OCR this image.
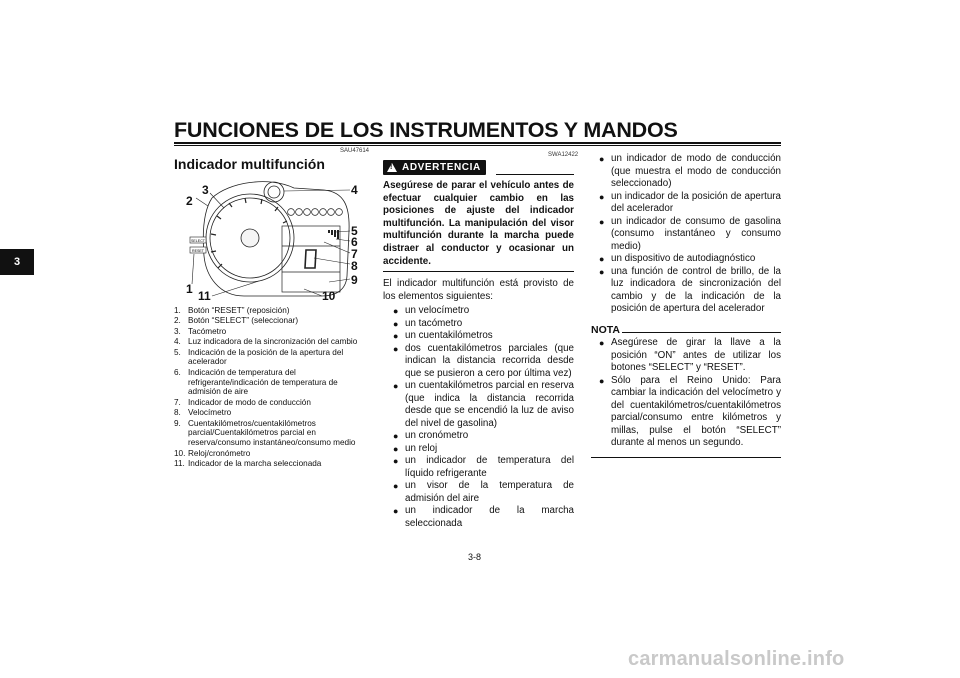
FUNCIONES DE LOS INSTRUMENTOS Y MANDOS
3
SAU47614
Indicador multifunción
SELECT
RESET
1
2
3	4
5
6
7
8
9
10
11
1. Botón “RESET” (reposición)
2. Botón “SELECT” (seleccionar)
3. Tacómetro
4. Luz indicadora de la sincronización del cambio
5. Indicación de la posición de la apertura del acelerador
6. Indicación de temperatura del refrigerante/indicación de temperatura de admisión de aire
7. Indicador de modo de conducción
8. Velocímetro
9. Cuentakilómetros/cuentakilómetros parcial/Cuentakilómetros parcial en reserva/consumo instantáneo/consumo medio
10. Reloj/cronómetro
11. Indicador de la marcha seleccionada
SWA12422
!
ADVERTENCIA
Asegúrese de parar el vehículo antes de efectuar cualquier cambio en las posiciones de ajuste del indicador multifunción. La manipulación del visor multifunción durante la marcha puede distraer al conductor y ocasionar un accidente.
El indicador multifunción está provisto de los elementos siguientes:
● un velocímetro
● un tacómetro
● un cuentakilómetros
● dos cuentakilómetros parciales (que indican la distancia recorrida desde que se pusieron a cero por última vez)
● un cuentakilómetros parcial en reserva (que indica la distancia recorrida desde que se encendió la luz de aviso del nivel de gasolina)
● un cronómetro
● un reloj
● un indicador de temperatura del líquido refrigerante
● un visor de la temperatura de admisión del aire
● un indicador de la marcha seleccionada
● un indicador de modo de conducción (que muestra el modo de conducción seleccionado)
● un indicador de la posición de apertura del acelerador
● un indicador de consumo de gasolina (consumo instantáneo y consumo medio)
● un dispositivo de autodiagnóstico
● una función de control de brillo, de la luz indicadora de sincronización del cambio y de la indicación de la posición de apertura del acelerador
NOTA
● Asegúrese de girar la llave a la posición “ON” antes de utilizar los botones “SELECT” y “RESET”.
● Sólo para el Reino Unido: Para cambiar la indicación del velocímetro y del cuentakilómetros/cuentakilómetros parcial/consumo entre kilómetros y millas, pulse el botón “SELECT” durante al menos un segundo.
3-8
carmanualsonline.info
